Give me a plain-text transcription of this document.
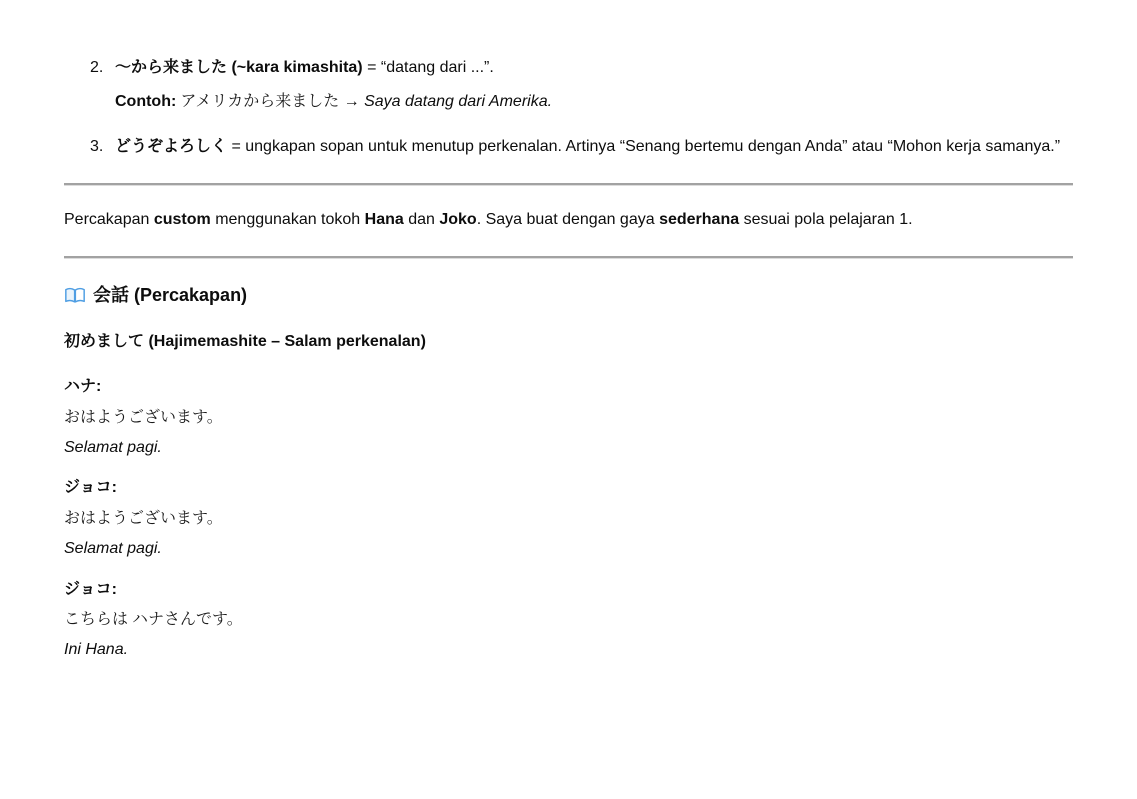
2. 〜から来ました (~kara kimashita) = “datang dari ...”.

Contoh: アメリカから来ました → Saya datang dari Amerika.

3. どうぞよろしく = ungkapan sopan untuk menutup perkenalan. Artinya “Senang bertemu dengan Anda” atau “Mohon kerja samanya.”

Percakapan custom menggunakan tokoh Hana dan Joko. Saya buat dengan gaya sederhana sesuai pola pelajaran 1.

会話 (Percakapan)

初めまして (Hajimemashite – Salam perkenalan)

ハナ:
おはようございます。
Selamat pagi.
ジョコ:
おはようございます。
Selamat pagi.
ジョコ:
こちらは ハナさんです。
Ini Hana.
